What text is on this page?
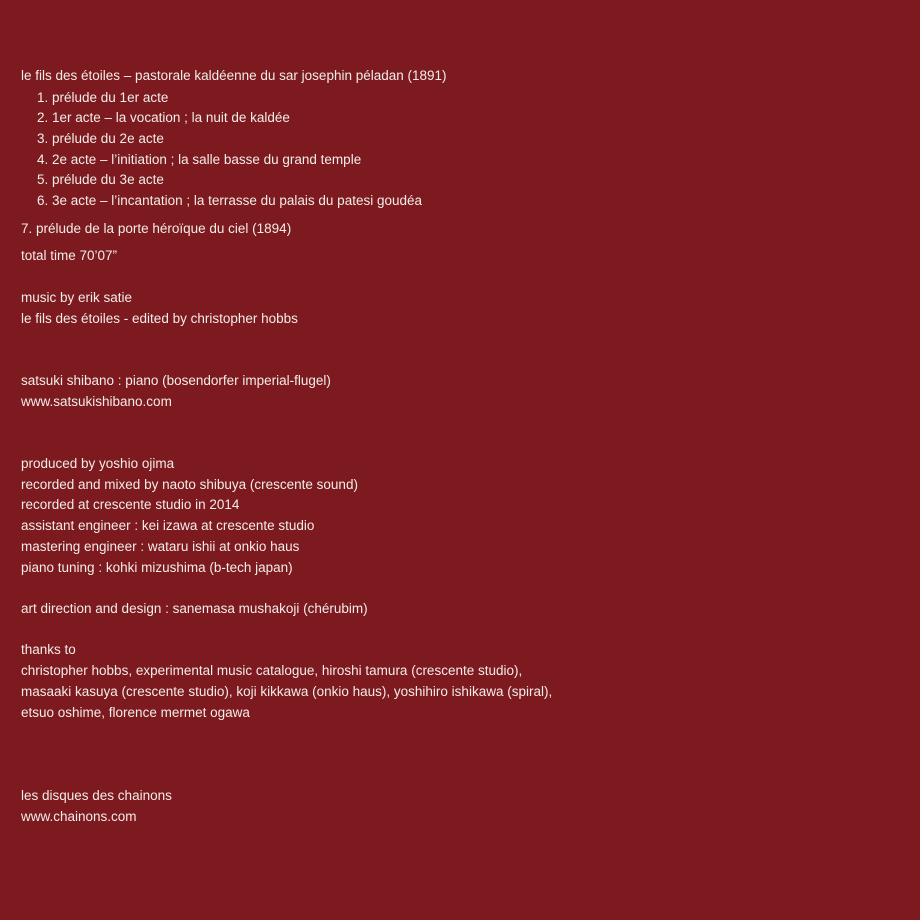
le fils des étoiles – pastorale kaldéenne du sar josephin péladan (1891)
1. prélude du 1er acte
2. 1er acte – la vocation ; la nuit de kaldée
3. prélude du 2e acte
4. 2e acte – l’initiation ; la salle basse du grand temple
5. prélude du 3e acte
6. 3e acte – l’incantation ; la terrasse du palais du patesi goudéa
7. prélude de la porte héroïque du ciel (1894)
total time 70’07”
music by erik satie
le fils des étoiles - edited by christopher hobbs
satsuki shibano : piano (bosendorfer imperial-flugel)
www.satsukishibano.com
produced by yoshio ojima
recorded and mixed by naoto shibuya (crescente sound)
recorded at crescente studio in 2014
assistant engineer : kei izawa at crescente studio
mastering engineer : wataru ishii at onkio haus
piano tuning : kohki mizushima (b-tech japan)
art direction and design : sanemasa mushakoji (chérubim)
thanks to
christopher hobbs, experimental music catalogue, hiroshi tamura (crescente studio),
masaaki kasuya (crescente studio), koji kikkawa (onkio haus), yoshihiro ishikawa (spiral),
etsuo oshime, florence mermet ogawa
les disques des chainons
www.chainons.com
